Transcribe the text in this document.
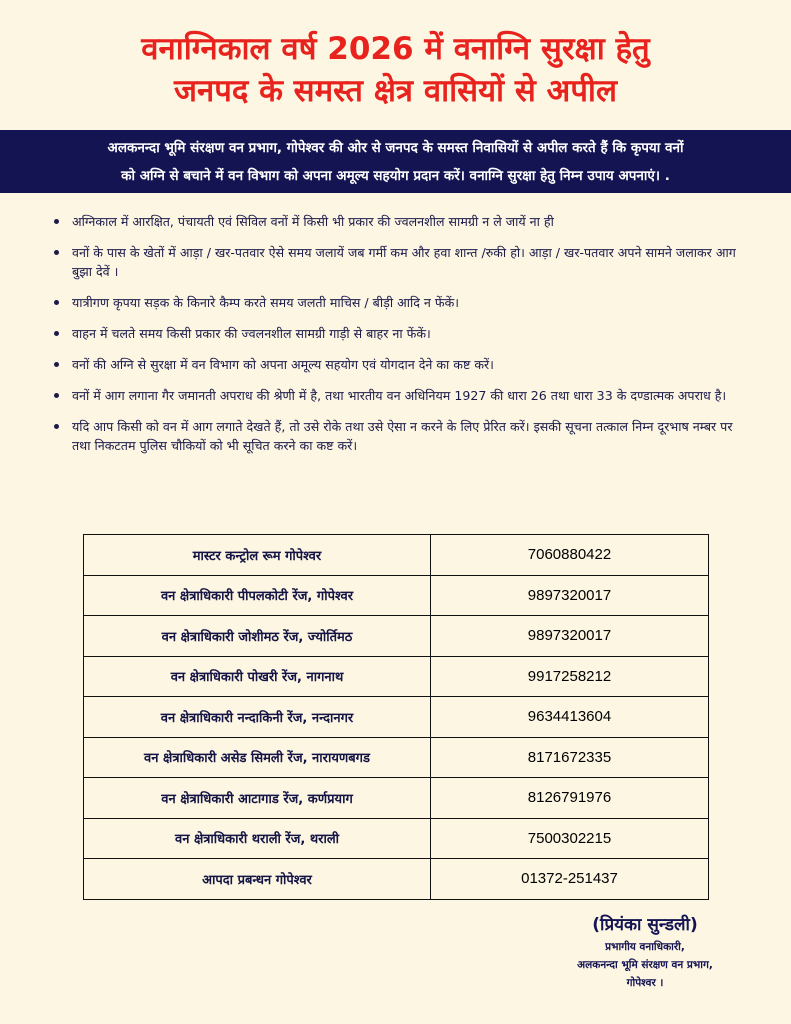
वनाग्निकाल वर्ष 2026 में वनाग्नि सुरक्षा हेतु
जनपद के समस्त क्षेत्र वासियों से अपील
अलकनन्दा भूमि संरक्षण वन प्रभाग, गोपेश्वर की ओर से जनपद के समस्त निवासियों से अपील करते हैं कि कृपया वनों
को अग्नि से बचाने में वन विभाग को अपना अमूल्य सहयोग प्रदान करें। वनाग्नि सुरक्षा हेतु निम्न उपाय अपनाएं। .
अग्निकाल में आरक्षित, पंचायती एवं सिविल वनों में किसी भी प्रकार की ज्वलनशील सामग्री न ले जायें ना ही
वनों के पास के खेतों में आड़ा / खर-पतवार ऐसे समय जलायें जब गर्मी कम और हवा शान्त /रुकी हो। आड़ा / खर-पतवार अपने सामने जलाकर आग बुझा देवें ।
यात्रीगण कृपया सड़क के किनारे कैम्प करते समय जलती माचिस / बीड़ी आदि न फेंकें।
वाहन में चलते समय किसी प्रकार की ज्वलनशील सामग्री गाड़ी से बाहर ना फेंकें।
वनों की अग्नि से सुरक्षा में वन विभाग को अपना अमूल्य सहयोग एवं योगदान देने का कष्ट करें।
वनों में आग लगाना गैर जमानती अपराध की श्रेणी में है, तथा भारतीय वन अधिनियम 1927 की धारा 26 तथा धारा 33 के दण्डात्मक अपराध है।
यदि आप किसी को वन में आग लगाते देखते हैं, तो उसे रोके तथा उसे ऐसा न करने के लिए प्रेरित करें। इसकी सूचना तत्काल निम्न दूरभाष नम्बर पर तथा निकटतम पुलिस चौकियों को भी सूचित करने का कष्ट करें।
मास्टर कन्ट्रोल रूम गोपेश्वर	7060880422
वन क्षेत्राधिकारी पीपलकोटी रेंज, गोपेश्वर	9897320017
वन क्षेत्राधिकारी जोशीमठ रेंज, ज्योर्तिमठ	9897320017
वन क्षेत्राधिकारी पोखरी रेंज, नागनाथ	9917258212
वन क्षेत्राधिकारी नन्दाकिनी रेंज, नन्दानगर	9634413604
वन क्षेत्राधिकारी असेड सिमली रेंज, नारायणबगड	8171672335
वन क्षेत्राधिकारी आटागाड रेंज, कर्णप्रयाग	8126791976
वन क्षेत्राधिकारी थराली रेंज, थराली	7500302215
आपदा प्रबन्धन गोपेश्वर	01372-251437
(प्रियंका सुन्डली)
प्रभागीय वनाधिकारी,
अलकनन्दा भूमि संरक्षण वन प्रभाग,
गोपेश्वर ।
